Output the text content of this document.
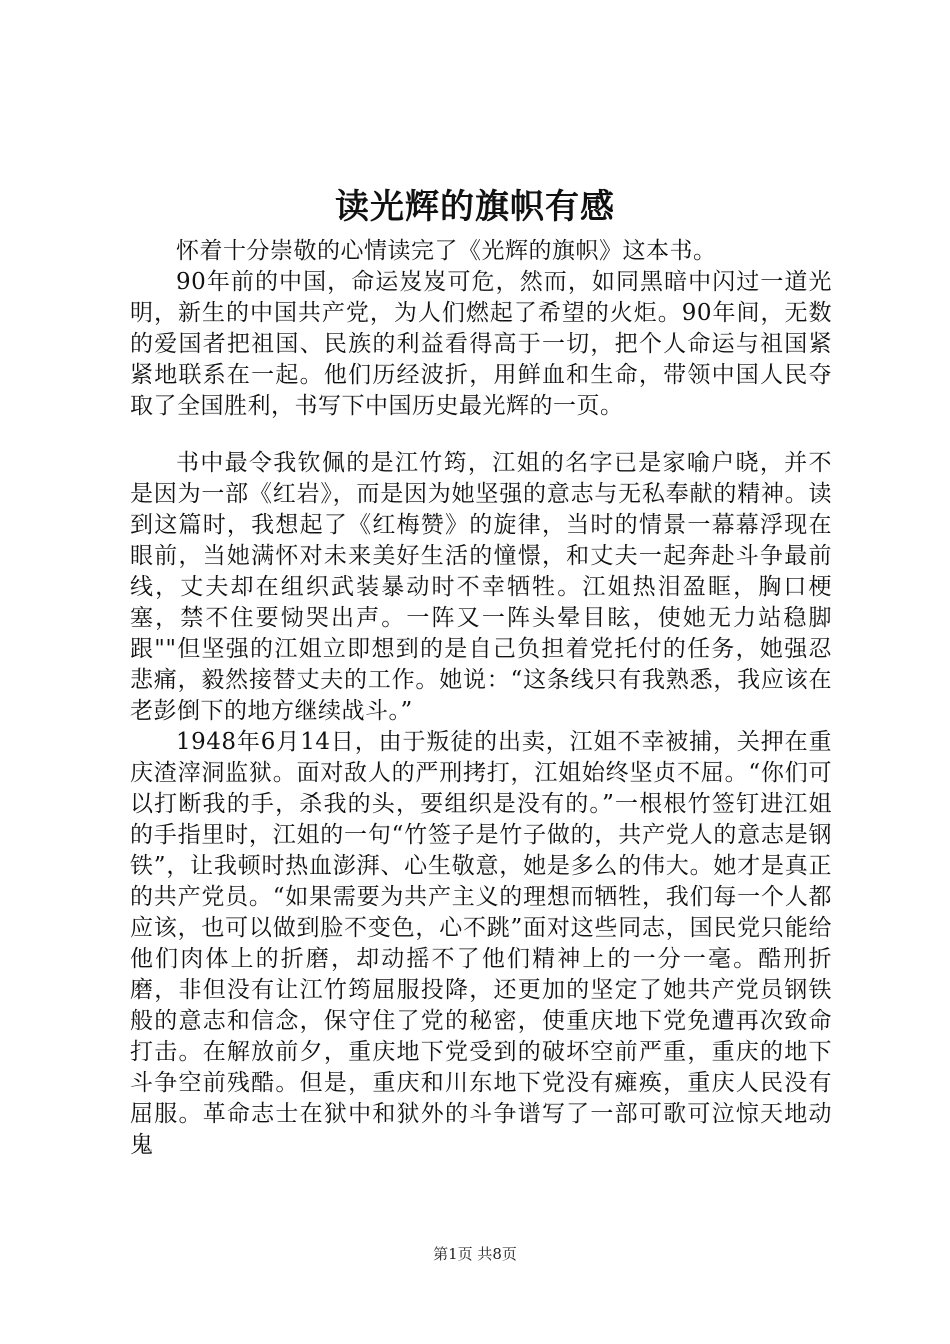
读光辉的旗帜有感

怀着十分崇敬的心情读完了《光辉的旗帜》这本书。

90年前的中国，命运岌岌可危，然而，如同黑暗中闪过一道光明，新生的中国共产党，为人们燃起了希望的火炬。90年间，无数的爱国者把祖国、民族的利益看得高于一切，把个人命运与祖国紧紧地联系在一起。他们历经波折，用鲜血和生命，带领中国人民夺取了全国胜利，书写下中国历史最光辉的一页。

书中最令我钦佩的是江竹筠，江姐的名字已是家喻户晓，并不是因为一部《红岩》，而是因为她坚强的意志与无私奉献的精神。读到这篇时，我想起了《红梅赞》的旋律，当时的情景一幕幕浮现在眼前，当她满怀对未来美好生活的憧憬，和丈夫一起奔赴斗争最前线，丈夫却在组织武装暴动时不幸牺牲。江姐热泪盈眶，胸口梗塞，禁不住要恸哭出声。一阵又一阵头晕目眩，使她无力站稳脚跟""但坚强的江姐立即想到的是自己负担着党托付的任务，她强忍悲痛，毅然接替丈夫的工作。她说：“这条线只有我熟悉，我应该在老彭倒下的地方继续战斗。”

1948年6月14日，由于叛徒的出卖，江姐不幸被捕，关押在重庆渣滓洞监狱。面对敌人的严刑拷打，江姐始终坚贞不屈。“你们可以打断我的手，杀我的头，要组织是没有的。”一根根竹签钉进江姐的手指里时，江姐的一句“竹签子是竹子做的，共产党人的意志是钢铁”，让我顿时热血澎湃、心生敬意，她是多么的伟大。她才是真正的共产党员。“如果需要为共产主义的理想而牺牲，我们每一个人都应该，也可以做到脸不变色，心不跳”面对这些同志，国民党只能给他们肉体上的折磨，却动摇不了他们精神上的一分一毫。酷刑折磨，非但没有让江竹筠屈服投降，还更加的坚定了她共产党员钢铁般的意志和信念，保守住了党的秘密，使重庆地下党免遭再次致命打击。在解放前夕，重庆地下党受到的破坏空前严重，重庆的地下斗争空前残酷。但是，重庆和川东地下党没有瘫痪，重庆人民没有屈服。革命志士在狱中和狱外的斗争谱写了一部可歌可泣惊天地动鬼

第1页 共8页
